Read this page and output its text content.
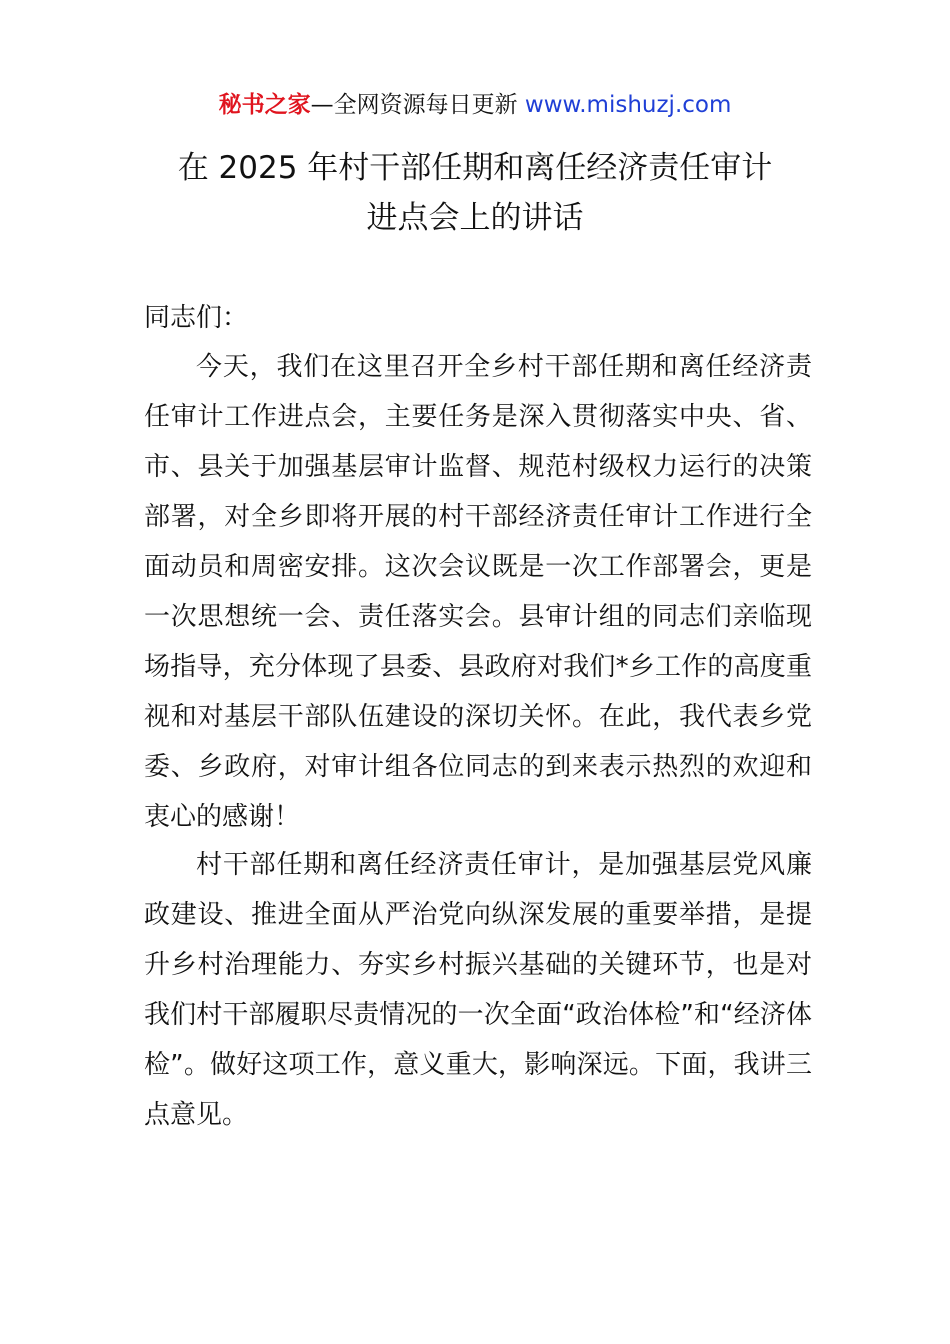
秘书之家—全网资源每日更新 www.mishuzj.com
在 2025 年村干部任期和离任经济责任审计
进点会上的讲话
同志们：

今天，我们在这里召开全乡村干部任期和离任经济责任审计工作进点会，主要任务是深入贯彻落实中央、省、市、县关于加强基层审计监督、规范村级权力运行的决策部署，对全乡即将开展的村干部经济责任审计工作进行全面动员和周密安排。这次会议既是一次工作部署会，更是一次思想统一会、责任落实会。县审计组的同志们亲临现场指导，充分体现了县委、县政府对我们*乡工作的高度重视和对基层干部队伍建设的深切关怀。在此，我代表乡党委、乡政府，对审计组各位同志的到来表示热烈的欢迎和衷心的感谢！

村干部任期和离任经济责任审计，是加强基层党风廉政建设、推进全面从严治党向纵深发展的重要举措，是提升乡村治理能力、夯实乡村振兴基础的关键环节，也是对我们村干部履职尽责情况的一次全面“政治体检”和“经济体检”。做好这项工作，意义重大，影响深远。下面，我讲三点意见。
